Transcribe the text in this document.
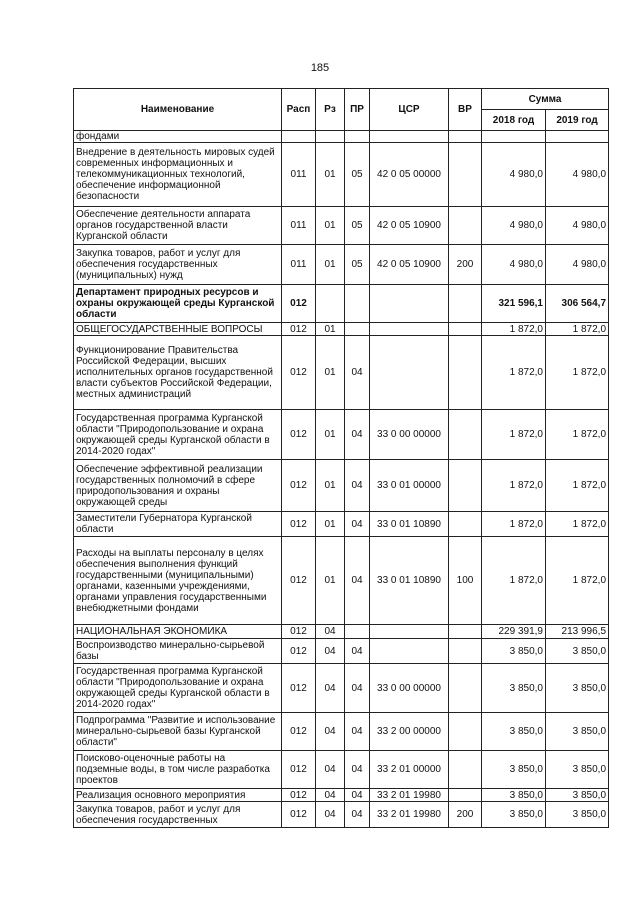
185
Наименование	Расп	Рз	ПР	ЦСР	ВР	Сумма	
						2018 год	2019 год
фондами							
Внедрение в деятельность мировых судей современных информационных и телекоммуникационных технологий, обеспечение информационной безопасности	011	01	05	42 0 05 00000		4 980,0	4 980,0
Обеспечение деятельности аппарата органов государственной власти Курганской области	011	01	05	42 0 05 10900		4 980,0	4 980,0
Закупка товаров, работ и услуг для обеспечения государственных (муниципальных) нужд	011	01	05	42 0 05 10900	200	4 980,0	4 980,0
Департамент природных ресурсов и охраны окружающей среды Курганской области	012					321 596,1	306 564,7
ОБЩЕГОСУДАРСТВЕННЫЕ ВОПРОСЫ	012	01				1 872,0	1 872,0
Функционирование Правительства Российской Федерации, высших исполнительных органов государственной власти субъектов Российской Федерации, местных администраций	012	01	04			1 872,0	1 872,0
Государственная программа Курганской области "Природопользование и охрана окружающей среды Курганской области в 2014-2020 годах"	012	01	04	33 0 00 00000		1 872,0	1 872,0
Обеспечение эффективной реализации государственных полномочий в сфере природопользования и охраны окружающей среды	012	01	04	33 0 01 00000		1 872,0	1 872,0
Заместители Губернатора Курганской области	012	01	04	33 0 01 10890		1 872,0	1 872,0
Расходы на выплаты персоналу в целях обеспечения выполнения функций государственными (муниципальными) органами, казенными учреждениями, органами управления государственными внебюджетными фондами	012	01	04	33 0 01 10890	100	1 872,0	1 872,0
НАЦИОНАЛЬНАЯ ЭКОНОМИКА	012	04				229 391,9	213 996,5
Воспроизводство минерально-сырьевой базы	012	04	04			3 850,0	3 850,0
Государственная программа Курганской области "Природопользование и охрана окружающей среды Курганской области в 2014-2020 годах"	012	04	04	33 0 00 00000		3 850,0	3 850,0
Подпрограмма "Развитие и использование минерально-сырьевой базы Курганской области"	012	04	04	33 2 00 00000		3 850,0	3 850,0
Поисково-оценочные работы на подземные воды, в том числе разработка проектов	012	04	04	33 2 01 00000		3 850,0	3 850,0
Реализация основного мероприятия	012	04	04	33 2 01 19980		3 850,0	3 850,0
Закупка товаров, работ и услуг для обеспечения государственных	012	04	04	33 2 01 19980	200	3 850,0	3 850,0
